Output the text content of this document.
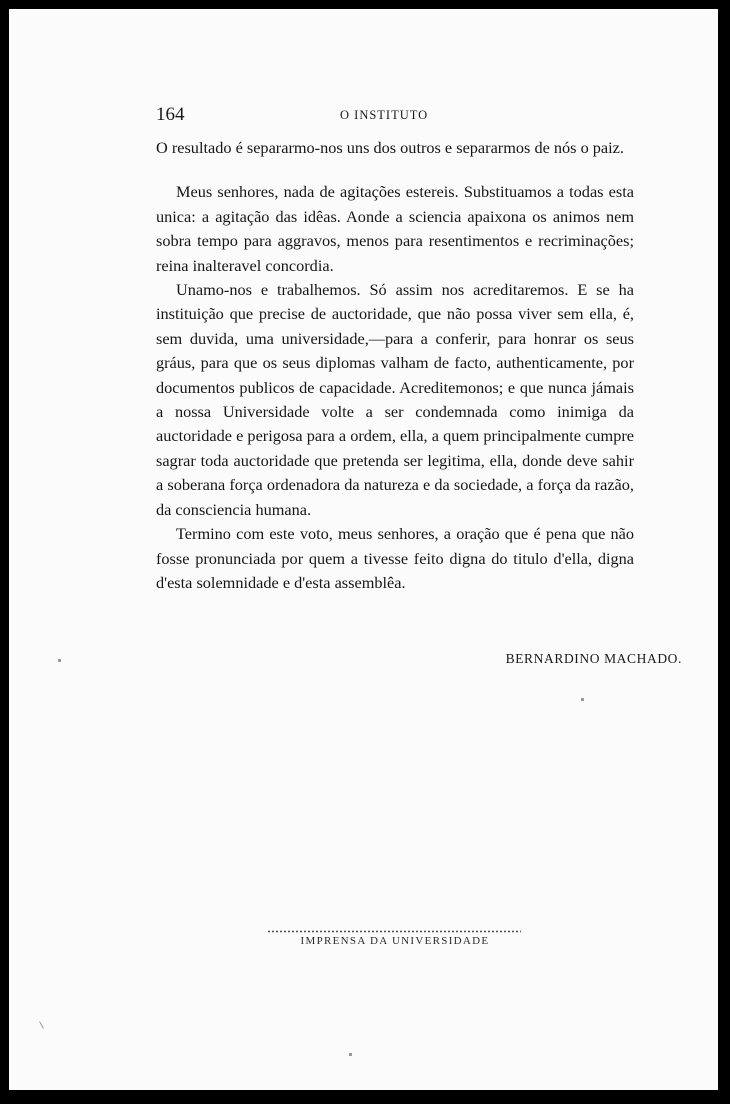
164	O INSTITUTO

O resultado é separarmo-nos uns dos outros e separarmos de nós o paiz.

Meus senhores, nada de agitações estereis. Substituamos a todas esta unica: a agitação das idêas. Aonde a sciencia apaixona os animos nem sobra tempo para aggravos, menos para resentimentos e recriminações; reina inalteravel concordia.

Unamo-nos e trabalhemos. Só assim nos acreditaremos. E se ha instituição que precise de auctoridade, que não possa viver sem ella, é, sem duvida, uma universidade,—para a conferir, para honrar os seus gráus, para que os seus diplomas valham de facto, authenticamente, por documentos publicos de capacidade. Acreditemonos; e que nunca jámais a nossa Universidade volte a ser condemnada como inimiga da auctoridade e perigosa para a ordem, ella, a quem principalmente cumpre sagrar toda auctoridade que pretenda ser legitima, ella, donde deve sahir a soberana força ordenadora da natureza e da sociedade, a força da razão, da consciencia humana.

Termino com este voto, meus senhores, a oração que é pena que não fosse pronunciada por quem a tivesse feito digna do titulo d'ella, digna d'esta solemnidade e d'esta assemblêa.

BERNARDINO MACHADO.
IMPRENSA DA UNIVERSIDADE
